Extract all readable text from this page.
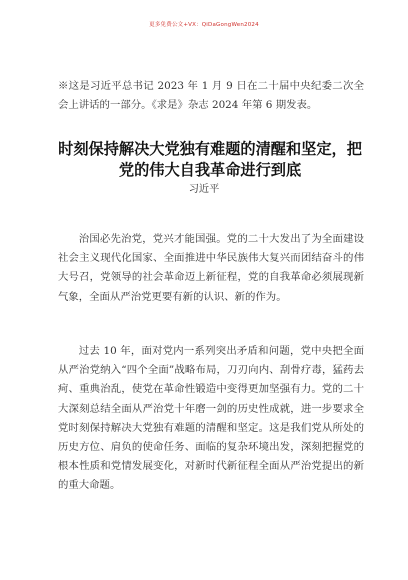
更多免费公文+VX：QiDaGongWen2024

※这是习近平总书记 2023 年 1 月 9 日在二十届中央纪委二次全会上讲话的一部分。《求是》杂志 2024 年第 6 期发表。

时刻保持解决大党独有难题的清醒和坚定，把党的伟大自我革命进行到底
习近平

治国必先治党，党兴才能国强。党的二十大发出了为全面建设社会主义现代化国家、全面推进中华民族伟大复兴而团结奋斗的伟大号召，党领导的社会革命迈上新征程，党的自我革命必须展现新气象，全面从严治党更要有新的认识、新的作为。

过去 10 年，面对党内一系列突出矛盾和问题，党中央把全面从严治党纳入“四个全面”战略布局，刀刃向内、刮骨疗毒，猛药去疴、重典治乱，使党在革命性锻造中变得更加坚强有力。党的二十大深刻总结全面从严治党十年磨一剑的历史性成就，进一步要求全党时刻保持解决大党独有难题的清醒和坚定。这是我们党从所处的历史方位、肩负的使命任务、面临的复杂环境出发，深刻把握党的根本性质和党情发展变化，对新时代新征程全面从严治党提出的新的重大命题。
